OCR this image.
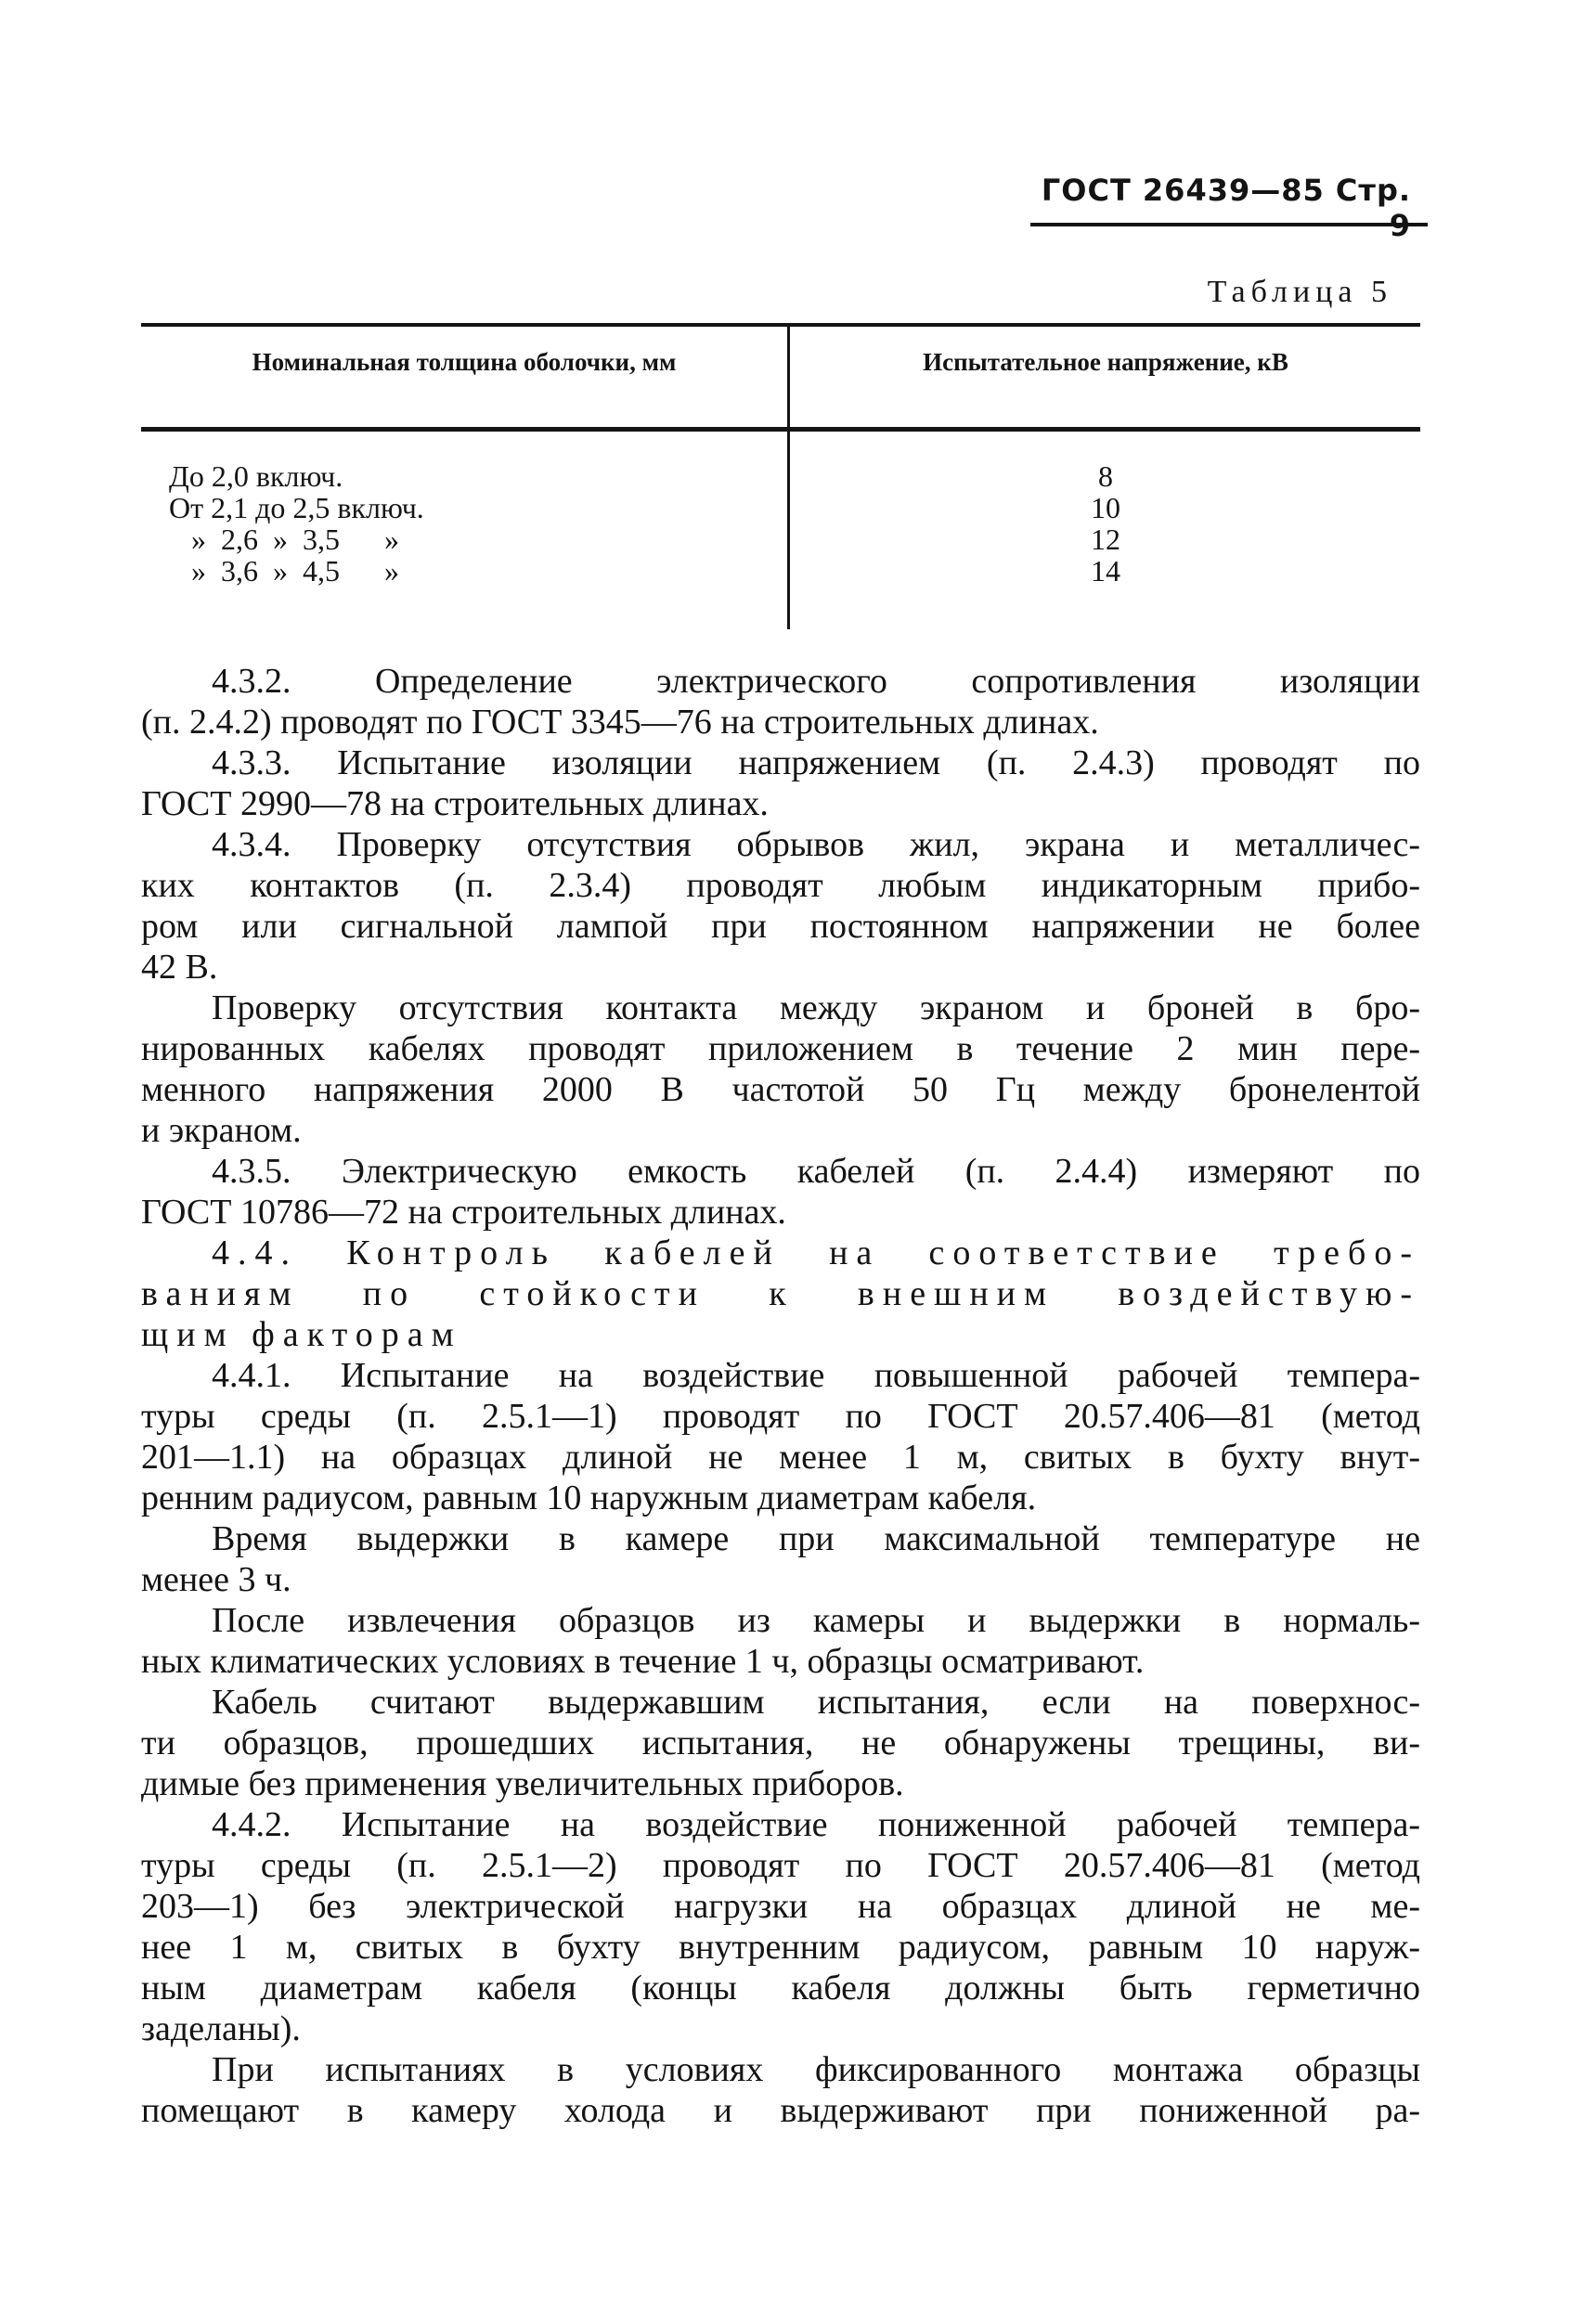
ГОСТ 26439—85 Стр. 9
Таблица 5
Номинальная толщина оболочки, мм	Испытательное напряжение, кВ
До 2,0 включ.
От 2,1 до 2,5 включ.
»  2,6  »  3,5      »
»  3,6  »  4,5      »
8
10
12
14
4.3.2. Определение электрического сопротивления изоляции
(п. 2.4.2) проводят по ГОСТ 3345—76 на строительных длинах.
4.3.3. Испытание изоляции напряжением (п. 2.4.3) проводят по
ГОСТ 2990—78 на строительных длинах.
4.3.4. Проверку отсутствия обрывов жил, экрана и металличес-
ких контактов (п. 2.3.4) проводят любым индикаторным прибо-
ром или сигнальной лампой при постоянном напряжении не более
42 В.
Проверку отсутствия контакта между экраном и броней в бро-
нированных кабелях проводят приложением в течение 2 мин пере-
менного напряжения 2000 В частотой 50 Гц между бронелентой
и экраном.
4.3.5. Электрическую емкость кабелей (п. 2.4.4) измеряют по
ГОСТ 10786—72 на строительных длинах.
4.4. Контроль кабелей на соответствие требо-
ваниям по стойкости к внешним воздействую-
щим факторам
4.4.1. Испытание на воздействие повышенной рабочей темпера-
туры среды (п. 2.5.1—1) проводят по ГОСТ 20.57.406—81 (метод
201—1.1) на образцах длиной не менее 1 м, свитых в бухту внут-
ренним радиусом, равным 10 наружным диаметрам кабеля.
Время выдержки в камере при максимальной температуре не
менее 3 ч.
После извлечения образцов из камеры и выдержки в нормаль-
ных климатических условиях в течение 1 ч, образцы осматривают.
Кабель считают выдержавшим испытания, если на поверхнос-
ти образцов, прошедших испытания, не обнаружены трещины, ви-
димые без применения увеличительных приборов.
4.4.2. Испытание на воздействие пониженной рабочей темпера-
туры среды (п. 2.5.1—2) проводят по ГОСТ 20.57.406—81 (метод
203—1) без электрической нагрузки на образцах длиной не ме-
нее 1 м, свитых в бухту внутренним радиусом, равным 10 наруж-
ным диаметрам кабеля (концы кабеля должны быть герметично
заделаны).
При испытаниях в условиях фиксированного монтажа образцы
помещают в камеру холода и выдерживают при пониженной ра-
